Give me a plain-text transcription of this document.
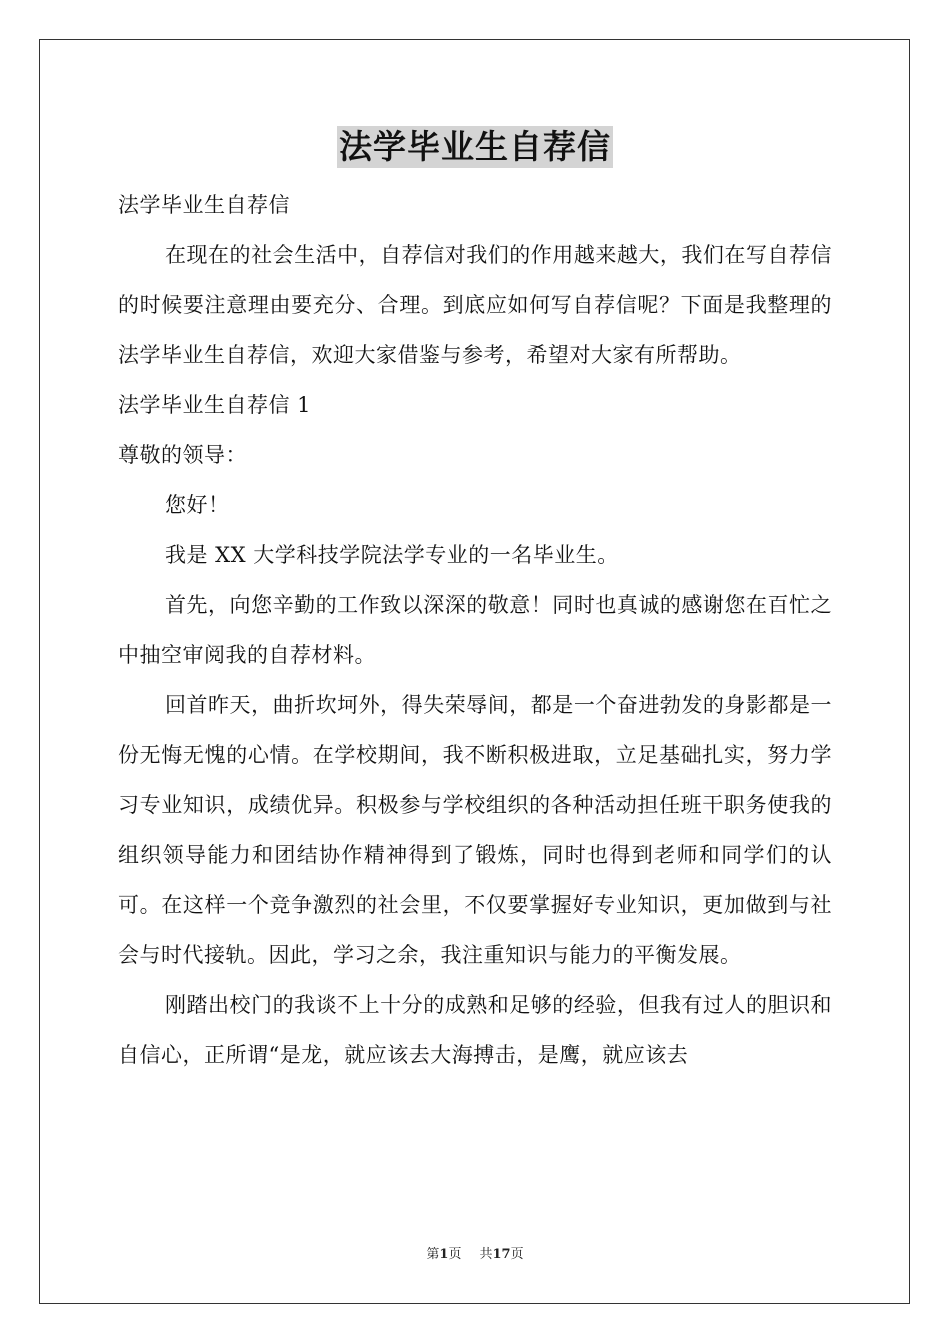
法学毕业生自荐信

法学毕业生自荐信

在现在的社会生活中，自荐信对我们的作用越来越大，我们在写自荐信的时候要注意理由要充分、合理。到底应如何写自荐信呢？下面是我整理的法学毕业生自荐信，欢迎大家借鉴与参考，希望对大家有所帮助。

法学毕业生自荐信 1

尊敬的领导：

您好！

我是 XX 大学科技学院法学专业的一名毕业生。

首先，向您辛勤的工作致以深深的敬意！同时也真诚的感谢您在百忙之中抽空审阅我的自荐材料。

回首昨天，曲折坎坷外，得失荣辱间，都是一个奋进勃发的身影都是一份无悔无愧的心情。在学校期间，我不断积极进取，立足基础扎实，努力学习专业知识，成绩优异。积极参与学校组织的各种活动担任班干职务使我的组织领导能力和团结协作精神得到了锻炼，同时也得到老师和同学们的认可。在这样一个竞争激烈的社会里，不仅要掌握好专业知识，更加做到与社会与时代接轨。因此，学习之余，我注重知识与能力的平衡发展。

刚踏出校门的我谈不上十分的成熟和足够的经验，但我有过人的胆识和自信心，正所谓“是龙，就应该去大海搏击，是鹰，就应该去

第1页 共17页
